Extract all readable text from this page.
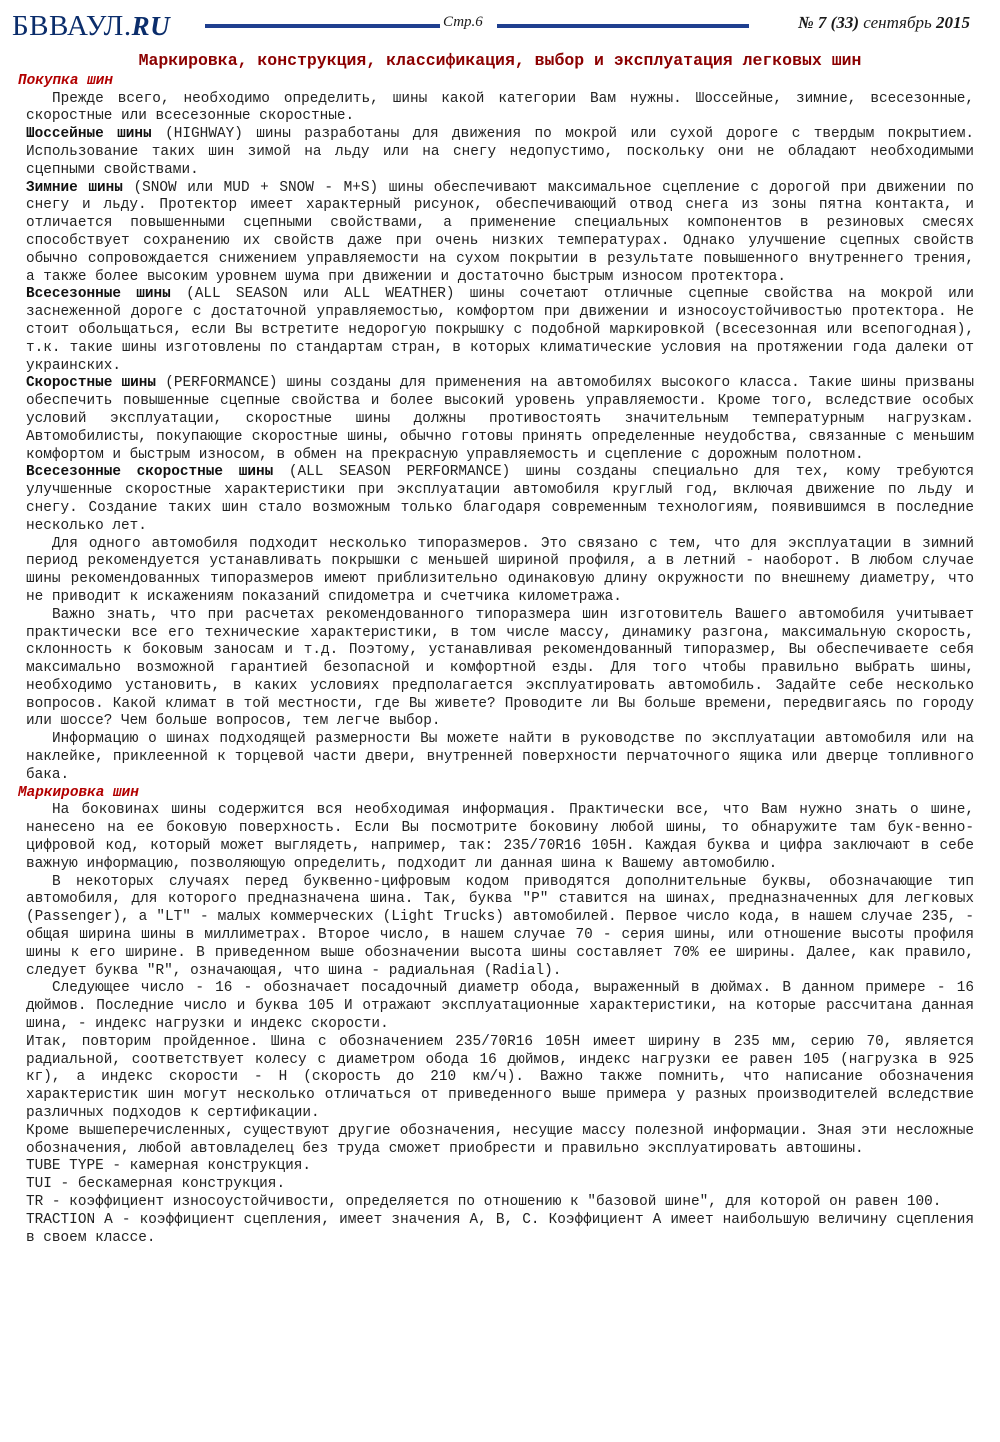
БВВАУЛ.RU	Стр.6	№ 7 (33) сентябрь 2015
Маркировка, конструкция, классификация, выбор и эксплуатация легковых шин
Покупка шин

Прежде всего, необходимо определить, шины какой категории Вам нужны. Шоссейные, зимние, всесезонные, скоростные или всесезонные скоростные.

Шоссейные шины (HIGHWAY) шины разработаны для движения по мокрой или сухой дороге с твердым покрытием. Использование таких шин зимой на льду или на снегу недопустимо, поскольку они не обладают необходимыми сцепными свойствами.

Зимние шины (SNOW или MUD + SNOW - M+S) шины обеспечивают максимальное сцепление с дорогой при движении по снегу и льду. Протектор имеет характерный рисунок, обеспечивающий отвод снега из зоны пятна контакта, и отличается повышенными сцепными свойствами, а применение специальных компонентов в резиновых смесях способствует сохранению их свойств даже при очень низких температурах. Однако улучшение сцепных свойств обычно сопровождается снижением управляемости на сухом покрытии в результате повышенного внутреннего трения, а также более высоким уровнем шума при движении и достаточно быстрым износом протектора.

Всесезонные шины (ALL SEASON или ALL WEATHER) шины сочетают отличные сцепные свойства на мокрой или заснеженной дороге с достаточной управляемостью, комфортом при движении и износоустойчивостью протектора. Не стоит обольщаться, если Вы встретите недорогую покрышку с подобной маркировкой (всесезонная или всепогодная), т.к. такие шины изготовлены по стандартам стран, в которых климатические условия на протяжении года далеки от украинских.

Скоростные шины (PERFORMANCE) шины созданы для применения на автомобилях высокого класса. Такие шины призваны обеспечить повышенные сцепные свойства и более высокий уровень управляемости. Кроме того, вследствие особых условий эксплуатации, скоростные шины должны противостоять значительным температурным нагрузкам. Автомобилисты, покупающие скоростные шины, обычно готовы принять определенные неудобства, связанные с меньшим комфортом и быстрым износом, в обмен на прекрасную управляемость и сцепление с дорожным полотном.

Всесезонные скоростные шины (ALL SEASON PERFORMANCE) шины созданы специально для тех, кому требуются улучшенные скоростные характеристики при эксплуатации автомобиля круглый год, включая движение по льду и снегу. Создание таких шин стало возможным только благодаря современным технологиям, появившимся в последние несколько лет.

Для одного автомобиля подходит несколько типоразмеров. Это связано с тем, что для эксплуатации в зимний период рекомендуется устанавливать покрышки с меньшей шириной профиля, а в летний - наоборот. В любом случае шины рекомендованных типоразмеров имеют приблизительно одинаковую длину окружности по внешнему диаметру, что не приводит к искажениям показаний спидометра и счетчика километража.

Важно знать, что при расчетах рекомендованного типоразмера шин изготовитель Вашего автомобиля учитывает практически все его технические характеристики, в том числе массу, динамику разгона, максимальную скорость, склонность к боковым заносам и т.д. Поэтому, устанавливая рекомендованный типоразмер, Вы обеспечиваете себя максимально возможной гарантией безопасной и комфортной езды. Для того чтобы правильно выбрать шины, необходимо установить, в каких условиях предполагается эксплуатировать автомобиль. Задайте себе несколько вопросов. Какой климат в той местности, где Вы живете? Проводите ли Вы больше времени, передвигаясь по городу или шоссе? Чем больше вопросов, тем легче выбор.

Информацию о шинах подходящей размерности Вы можете найти в руководстве по эксплуатации автомобиля или на наклейке, приклеенной к торцевой части двери, внутренней поверхности перчаточного ящика или дверце топливного бака.

Маркировка шин

На боковинах шины содержится вся необходимая информация. Практически все, что Вам нужно знать о шине, нанесено на ее боковую поверхность. Если Вы посмотрите боковину любой шины, то обнаружите там бук-венно-цифровой код, который может выглядеть, например, так: 235/70R16 105H. Каждая буква и цифра заключают в себе важную информацию, позволяющую определить, подходит ли данная шина к Вашему автомобилю.

В некоторых случаях перед буквенно-цифровым кодом приводятся дополнительные буквы, обозначающие тип автомобиля, для которого предназначена шина. Так, буква "P" ставится на шинах, предназначенных для легковых (Passenger), а "LT" - малых коммерческих (Light Trucks) автомобилей. Первое число кода, в нашем случае 235, - общая ширина шины в миллиметрах. Второе число, в нашем случае 70 - серия шины, или отношение высоты профиля шины к его ширине. В приведенном выше обозначении высота шины составляет 70% ее ширины. Далее, как правило, следует буква "R", означающая, что шина - радиальная (Radial).

Следующее число - 16 - обозначает посадочный диаметр обода, выраженный в дюймах. В данном примере - 16 дюймов. Последние число и буква 105 И отражают эксплуатационные характеристики, на которые рассчитана данная шина, - индекс нагрузки и индекс скорости.

Итак, повторим пройденное. Шина с обозначением 235/70R16 105H имеет ширину в 235 мм, серию 70, является радиальной, соответствует колесу с диаметром обода 16 дюймов, индекс нагрузки ее равен 105 (нагрузка в 925 кг), а индекс скорости - H (скорость до 210 км/ч). Важно также помнить, что написание обозначения характеристик шин могут несколько отличаться от приведенного выше примера у разных производителей вследствие различных подходов к сертификации.

Кроме вышеперечисленных, существуют другие обозначения, несущие массу полезной информации. Зная эти несложные обозначения, любой автовладелец без труда сможет приобрести и правильно эксплуатировать автошины.

TUBE TYPE - камерная конструкция.

TUI - бескамерная конструкция.

TR - коэффициент износоустойчивости, определяется по отношению к "базовой шине", для которой он равен 100.

TRACTION A - коэффициент сцепления, имеет значения A, B, C. Коэффициент A имеет наибольшую величину сцепления в своем классе.
